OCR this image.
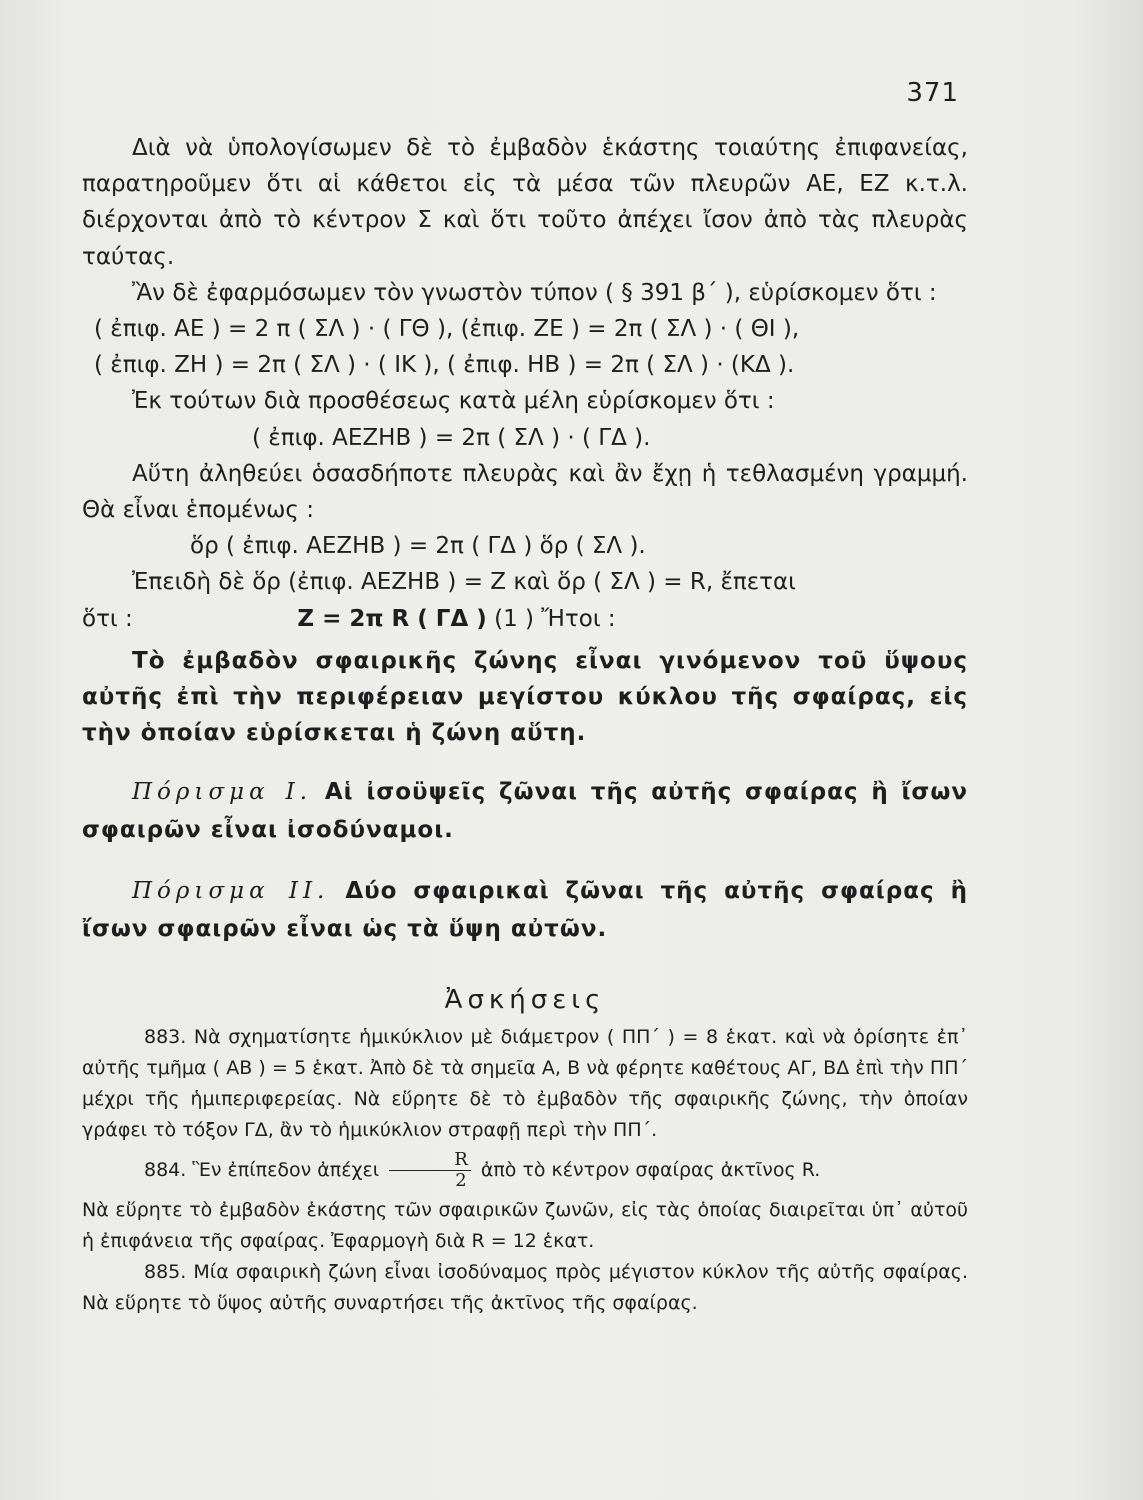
371

Διὰ νὰ ὑπολογίσωμεν δὲ τὸ ἐμβαδὸν ἑκάστης τοιαύτης ἐπιφανείας, παρατηροῦμεν ὅτι αἱ κάθετοι εἰς τὰ μέσα τῶν πλευρῶν ΑΕ, ΕΖ κ.τ.λ. διέρχονται ἀπὸ τὸ κέντρον Σ καὶ ὅτι τοῦτο ἀπέχει ἴσον ἀπὸ τὰς πλευρὰς ταύτας.

Ἂν δὲ ἐφαρμόσωμεν τὸν γνωστὸν τύπον ( § 391 β΄ ), εὑρίσκομεν ὅτι :

( ἐπιφ. ΑΕ ) = 2 π ( ΣΛ ) · ( ΓΘ ), (ἐπιφ. ΖΕ ) = 2π ( ΣΛ ) · ( ΘΙ ),

( ἐπιφ. ΖΗ ) = 2π ( ΣΛ ) · ( ΙΚ ), ( ἐπιφ. ΗΒ ) = 2π ( ΣΛ ) · (ΚΔ ).

Ἐκ τούτων διὰ προσθέσεως κατὰ μέλη εὑρίσκομεν ὅτι :

( ἐπιφ. ΑΕΖΗΒ ) = 2π ( ΣΛ ) · ( ΓΔ ).

Αὕτη ἀληθεύει ὁσασδήποτε πλευρὰς καὶ ἂν ἔχῃ ἡ τεθλασμένη γραμμή. Θὰ εἶναι ἑπομένως :

ὅρ ( ἐπιφ. ΑΕΖΗΒ ) = 2π ( ΓΔ ) ὅρ ( ΣΛ ).

Ἐπειδὴ δὲ ὅρ (ἐπιφ. ΑΕΖΗΒ ) = Ζ καὶ ὅρ ( ΣΛ ) = R, ἔπεται

ὅτι :	Ζ = 2π R ( ΓΔ ) (1 ) Ἤτοι :

Τὸ ἐμβαδὸν σφαιρικῆς ζώνης εἶναι γινόμενον τοῦ ὕψους αὐτῆς ἐπὶ τὴν περιφέρειαν μεγίστου κύκλου τῆς σφαίρας, εἰς τὴν ὁποίαν εὑρίσκεται ἡ ζώνη αὕτη.

Πόρισμα Ι. Αἱ ἰσοϋψεῖς ζῶναι τῆς αὐτῆς σφαίρας ἢ ἴσων σφαιρῶν εἶναι ἰσοδύναμοι.

Πόρισμα ΙΙ. Δύο σφαιρικαὶ ζῶναι τῆς αὐτῆς σφαίρας ἢ ἴσων σφαιρῶν εἶναι ὡς τὰ ὕψη αὐτῶν.

Ἀσκήσεις

883. Νὰ σχηματίσητε ἡμικύκλιον μὲ διάμετρον ( ΠΠ΄ ) = 8 ἑκατ. καὶ νὰ ὁρίσητε ἐπ᾿ αὐτῆς τμῆμα ( ΑΒ ) = 5 ἑκατ. Ἀπὸ δὲ τὰ σημεῖα Α, Β νὰ φέρητε καθέτους ΑΓ, ΒΔ ἐπὶ τὴν ΠΠ΄ μέχρι τῆς ἡμιπεριφερείας. Νὰ εὕρητε δὲ τὸ ἐμβαδὸν τῆς σφαιρικῆς ζώνης, τὴν ὁποίαν γράφει τὸ τόξον ΓΔ, ἂν τὸ ἡμικύκλιον στραφῇ περὶ τὴν ΠΠ΄.

884. Ἓν ἐπίπεδον ἀπέχει $\frac{R}{2}$ ἀπὸ τὸ κέντρον σφαίρας ἀκτῖνος R.

Νὰ εὕρητε τὸ ἐμβαδὸν ἑκάστης τῶν σφαιρικῶν ζωνῶν, εἰς τὰς ὁποίας διαιρεῖται ὑπ᾿ αὐτοῦ ἡ ἐπιφάνεια τῆς σφαίρας. Ἐφαρμογὴ διὰ R = 12 ἑκατ.

885. Μία σφαιρικὴ ζώνη εἶναι ἰσοδύναμος πρὸς μέγιστον κύκλον τῆς αὐτῆς σφαίρας. Νὰ εὕρητε τὸ ὕψος αὐτῆς συναρτήσει τῆς ἀκτῖνος τῆς σφαίρας.
